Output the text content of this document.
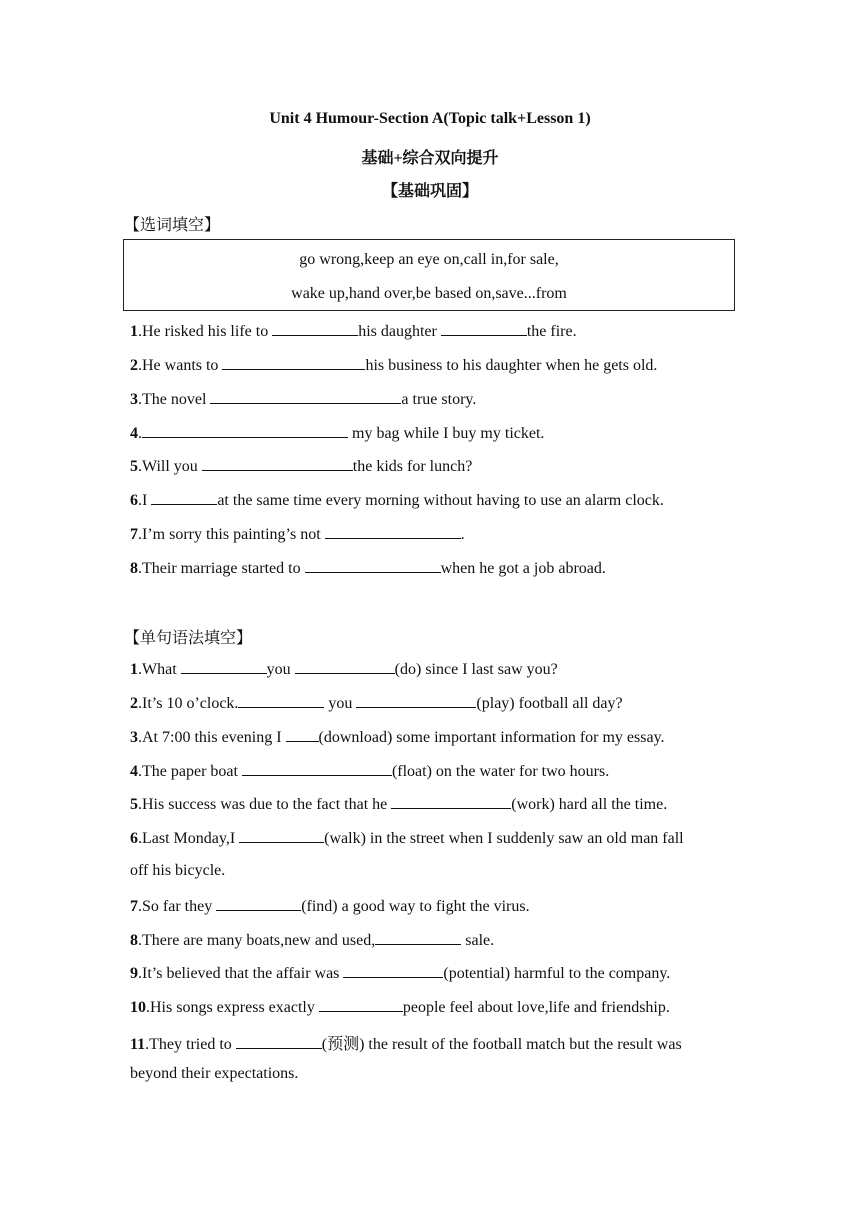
Unit 4 Humour-Section A(Topic talk+Lesson 1)
基础+综合双向提升
【基础巩固】
【选词填空】
go wrong,keep an eye on,call in,for sale,
wake up,hand over,be based on,save...from
1.He risked his life to	his daughter	the fire.
2.He wants to	his business to his daughter when he gets old.
3.The novel	a true story.
4.	my bag while I buy my ticket.
5.Will you	the kids for lunch?
6.I	at the same time every morning without having to use an alarm clock.
7.I’m sorry this painting’s not	.
8.Their marriage started to	when he got a job abroad.
【单句语法填空】
1.What	you	(do) since I last saw you?
2.It’s 10 o’clock.	you	(play) football all day?
3.At 7:00 this evening I (download) some important information for my essay.
4.The paper boat	(float) on the water for two hours.
5.His success was due to the fact that he	(work) hard all the time.
6.Last Monday,I	(walk) in the street when I suddenly saw an old man fall
off his bicycle.
7.So far they	(find) a good way to fight the virus.
8.There are many boats,new and used,	sale.
9.It’s believed that the affair was	(potential) harmful to the company.
10.His songs express exactly	people feel about love,life and friendship.
11.They tried to	(预测) the result of the football match but the result was
beyond their expectations.
